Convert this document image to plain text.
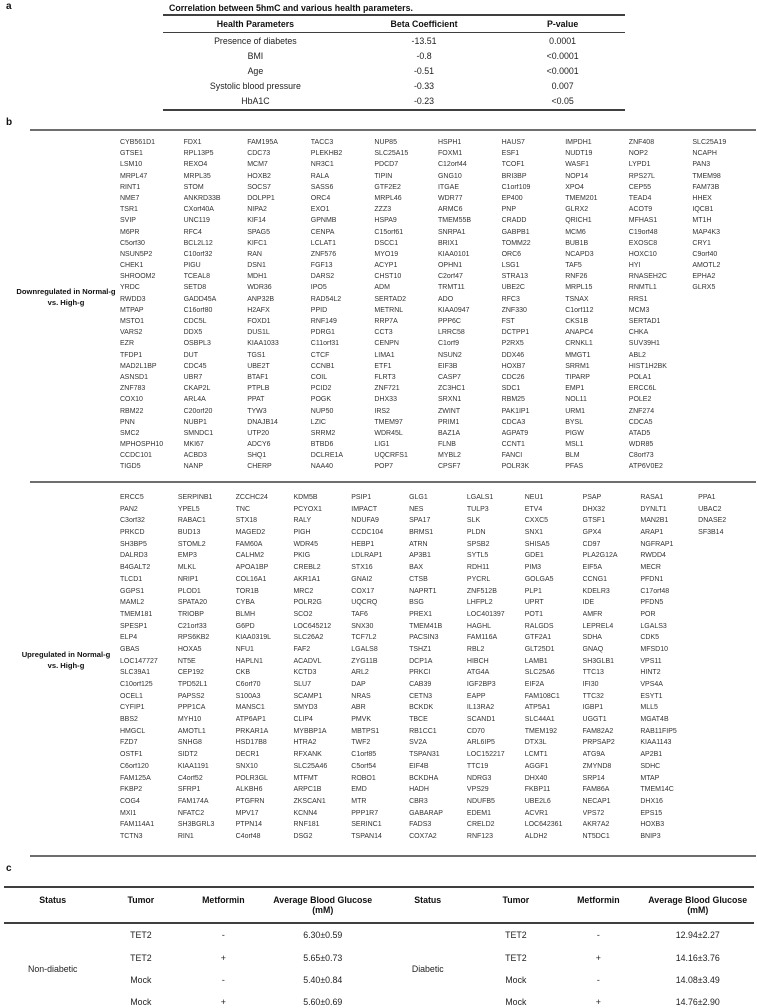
a	Correlation between 5hmC and various health parameters.
Health Parameters	Beta Coefficient	P-value
Presence of diabetes	-13.51	0.0001
BMI	-0.8	<0.0001
Age	-0.51	<0.0001
Systolic blood pressure	-0.33	0.007
HbA1C	-0.23	<0.05
b
Downregulated in Normal-g vs. High-g
Upregulated in Normal-g vs. High-g
CYB561D1	FDX1	FAM195A	TACC3	NUP85	HSPH1	HAUS7	IMPDH1	ZNF408	SLC25A19
GTSE1	RPL13P5	CDC73	PLEKHB2	SLC25A15	FOXM1	ESF1	NUDT19	NOP2	NCAPH
LSM10	REXO4	MCM7	NR3C1	PDCD7	C12orf44	TCOF1	WASF1	LYPD1	PAN3
MRPL47	MRPL35	HOXB2	RALA	TIPIN	GNG10	BRI3BP	NOP14	RPS27L	TMEM98
RINT1	STOM	SOCS7	SASS6	GTF2E2	ITGAE	C1orf109	XPO4	CEP55	FAM73B
NME7	ANKRD33B	DOLPP1	ORC4	MRPL46	WDR77	EP400	TMEM201	TEAD4	HHEX
TSR1	CXorf40A	NIPA2	EXO1	ZZZ3	ARMC6	PNP	GLRX2	ACOT9	IQCB1
SVIP	UNC119	KIF14	GPNMB	HSPA9	TMEM55B	CRADD	QRICH1	MFHAS1	MT1H
M6PR	RFC4	SPAG5	CENPA	C15orf61	SNRPA1	GABPB1	MCM6	C19orf48	MAP4K3
C5orf30	BCL2L12	KIFC1	LCLAT1	DSCC1	BRIX1	TOMM22	BUB1B	EXOSC8	CRY1
NSUN5P2	C10orf32	RAN	ZNF576	MYO19	KIAA0101	ORC6	NCAPD3	HOXC10	C9orf40
CHEK1	PIGU	DSN1	FGF13	ACYP1	OPHN1	LSG1	TAF5	HYI	AMOTL2
SHROOM2	TCEAL8	MDH1	DARS2	CHST10	C2orf47	STRA13	RNF26	RNASEH2C	EPHA2
YRDC	SETD8	WDR36	IPO5	ADM	TRMT11	UBE2C	MRPL15	RNMTL1	GLRX5
RWDD3	GADD45A	ANP32B	RAD54L2	SERTAD2	ADO	RFC3	TSNAX	RRS1
MTPAP	C16orf80	H2AFX	PPID	METRNL	KIAA0947	ZNF330	C1orf112	MCM3
MSTO1	CDC5L	FOXD1	RNF149	RRP7A	PPP6C	FST	CKS1B	SERTAD1
VARS2	DDX5	DUS1L	PDRG1	CCT3	LRRC58	DCTPP1	ANAPC4	CHKA
EZR	OSBPL3	KIAA1033	C11orf31	CENPN	C1orf9	P2RX5	CRNKL1	SUV39H1
TFDP1	DUT	TGS1	CTCF	LIMA1	NSUN2	DDX46	MMGT1	ABL2
MAD2L1BP	CDC45	UBE2T	CCNB1	ETF1	EIF3B	HOXB7	SRRM1	HIST1H2BK
ASNSD1	UBR7	BTAF1	COIL	FLRT3	CASP7	CDC26	TIPARP	POLA1
ZNF783	CKAP2L	PTPLB	PCID2	ZNF721	ZC3HC1	SDC1	EMP1	ERCC6L
COX10	ARL4A	PPAT	POGK	DHX33	SRXN1	RBM25	NOL11	POLE2
RBM22	C20orf20	TYW3	NUP50	IRS2	ZWINT	PAK1IP1	URM1	ZNF274
PNN	NUBP1	DNAJB14	LZIC	TMEM97	PRIM1	CDCA3	BYSL	CDCA5
SMC2	SMNDC1	UTP20	SRRM2	WDR45L	BAZ1A	AGPAT9	PIGW	ATAD5
MPHOSPH10	MKI67	ADCY6	BTBD6	LIG1	FLNB	CCNT1	MSL1	WDR85
CCDC101	ACBD3	SHQ1	DCLRE1A	UQCRFS1	MYBL2	FANCI	BLM	C8orf73
TIGD5	NANP	CHERP	NAA40	POP7	CPSF7	POLR3K	PFAS	ATP6V0E2
ERCC5	SERPINB1	ZCCHC24	KDM5B	PSIP1	GLG1	LGALS1	NEU1	PSAP	RASA1	PPA1
PAN2	YPEL5	TNC	PCYOX1	IMPACT	NES	TULP3	ETV4	DHX32	DYNLT1	UBAC2
C3orf32	RABAC1	STX18	RALY	NDUFA9	SPA17	SLK	CXXC5	GTSF1	MAN2B1	DNASE2
PRKCD	BUD13	MAGED2	PIGH	CCDC104	BRMS1	PLDN	SNX1	GPX4	ARAP1	SF3B14
SH3BP5	STOML2	FAM60A	WDR45	HEBP1	ATRN	SPSB2	SHISA5	CD97	NGFRAP1
DALRD3	EMP3	CALHM2	PKIG	LDLRAP1	AP3B1	SYTL5	GDE1	PLA2G12A	RWDD4
B4GALT2	MLKL	APOA1BP	CREBL2	STX16	BAX	RDH11	PIM3	EIF5A	MECR
TLCD1	NRIP1	COL16A1	AKR1A1	GNAI2	CTSB	PYCRL	GOLGA5	CCNG1	PFDN1
GGPS1	PLOD1	TOR1B	MRC2	COX17	NAPRT1	ZNF512B	PLP1	KDELR3	C17orf48
MAML2	SPATA20	CYBA	POLR2G	UQCRQ	BSG	LHFPL2	UPRT	IDE	PFDN5
TMEM181	TRIOBP	BLMH	SCO2	TAF6	PREX1	LOC401397	POT1	AMFR	POR
SPESP1	C21orf33	G6PD	LOC645212	SNX30	TMEM41B	HAGHL	RALGDS	LEPREL4	LGALS3
ELP4	RPS6KB2	KIAA0319L	SLC26A2	TCF7L2	PACSIN3	FAM116A	GTF2A1	SDHA	CDK5
GBAS	HOXA5	NFU1	FAF2	LGALS8	TSHZ1	RBL2	GLT25D1	GNAQ	MFSD10
LOC147727	NT5E	HAPLN1	ACADVL	ZYG11B	DCP1A	HIBCH	LAMB1	SH3GLB1	VPS11
SLC39A1	CEP192	CKB	KCTD3	ARL2	PRKCI	ATG4A	SLC25A6	TTC13	HINT2
C10orf125	TPD52L1	C6orf70	SLU7	DAP	CAB39	IGF2BP3	EIF2A	IFI30	VPS4A
OCEL1	PAPSS2	S100A3	SCAMP1	NRAS	CETN3	EAPP	FAM108C1	TTC32	ESYT1
CYFIP1	PPP1CA	MANSC1	SMYD3	ABR	BCKDK	IL13RA2	ATP5A1	IGBP1	MLL5
BBS2	MYH10	ATP6AP1	CLIP4	PMVK	TBCE	SCAND1	SLC44A1	UGGT1	MGAT4B
HMGCL	AMOTL1	PRKAR1A	MYBBP1A	MBTPS1	RB1CC1	CD70	TMEM192	FAM82A2	RAB11FIP5
FZD7	SNHG8	HSD17B8	HTRA2	TWF2	SV2A	ARL6IP5	DTX3L	PRPSAP2	KIAA1143
OSTF1	SIDT2	DECR1	RFXANK	C1orf85	TSPAN31	LOC152217	LCMT1	ATG9A	AP2B1
C6orf120	KIAA1191	SNX10	SLC25A46	C5orf54	EIF4B	TTC19	AGGF1	ZMYND8	SDHC
FAM125A	C4orf52	POLR3GL	MTFMT	ROBO1	BCKDHA	NDRG3	DHX40	SRP14	MTAP
FKBP2	SFRP1	ALKBH6	ARPC1B	EMD	HADH	VPS29	FKBP11	FAM86A	TMEM14C
COG4	FAM174A	PTGFRN	ZKSCAN1	MTR	CBR3	NDUFB5	UBE2L6	NECAP1	DHX16
MXI1	NFATC2	MPV17	KCNN4	PPP1R7	GABARAP	EDEM1	ACVR1	VPS72	EPS15
FAM114A1	SH3BGRL3	PTPN14	RNF181	SERINC1	FADS3	CRELD2	LOC642361	AKR7A2	HOXB3
TCTN3	RIN1	C4orf48	DSG2	TSPAN14	COX7A2	RNF123	ALDH2	NT5DC1	BNIP3
c
Status	Tumor	Metformin	Average Blood Glucose (mM)
Non-diabetic
TET2	-	6.30±0.59
TET2	+	5.65±0.73
Mock	-	5.40±0.84
Mock	+	5.60±0.69
Status	Tumor	Metformin	Average Blood Glucose (mM)
Diabetic
TET2	-	12.94±2.27
TET2	+	14.16±3.76
Mock	-	14.08±3.49
Mock	+	14.76±2.90
